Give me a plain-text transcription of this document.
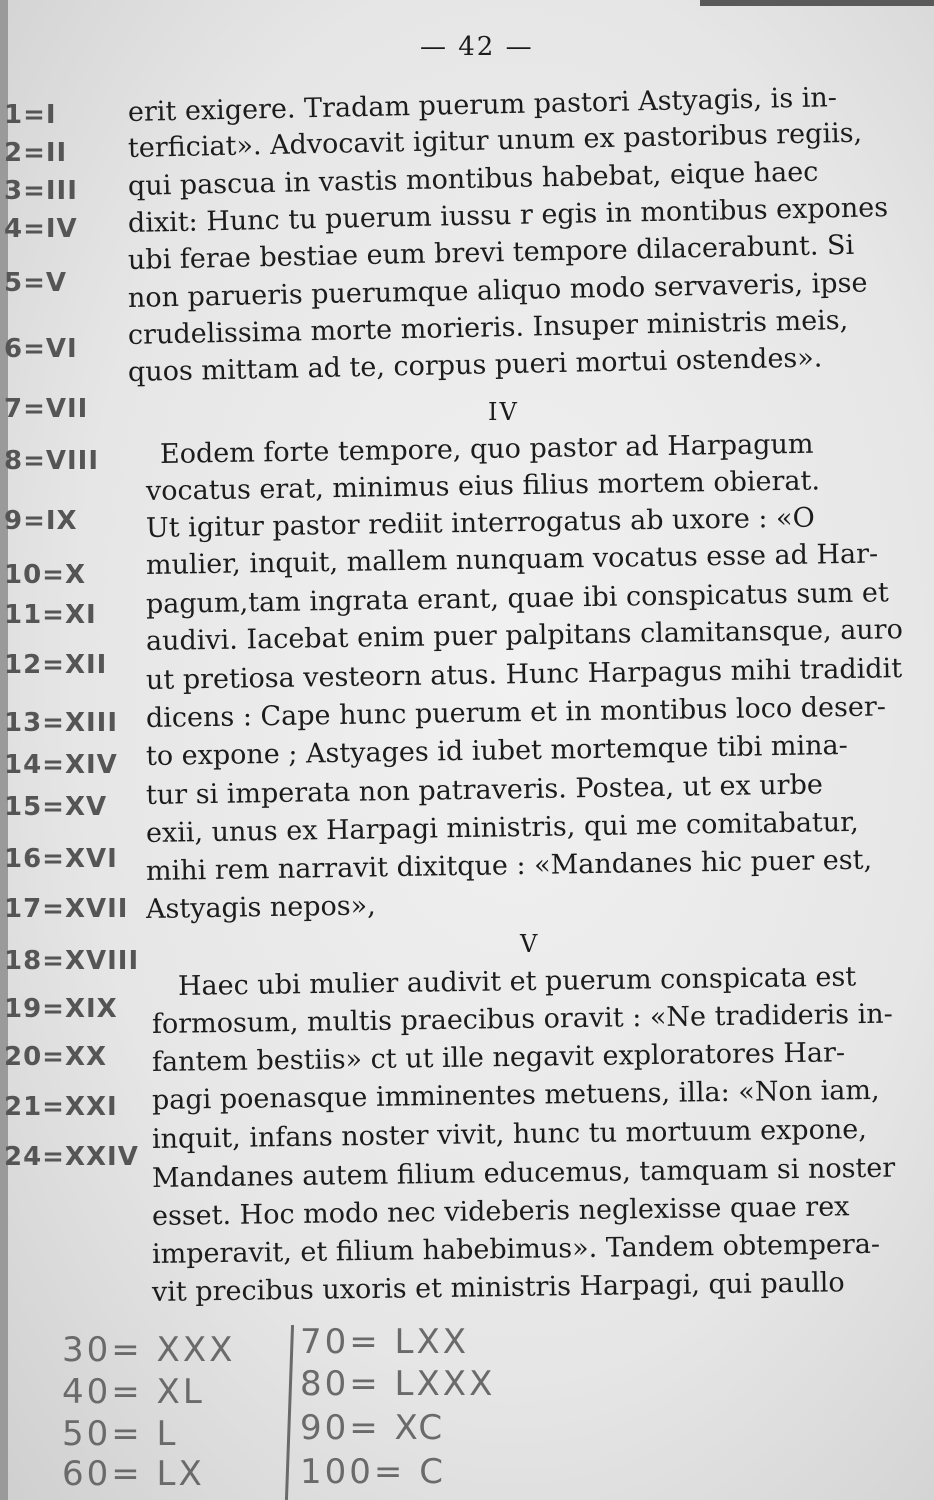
— 42 —
erit exigere. Tradam puerum pastori Astyagis, is in-
terficiat». Advocavit igitur unum ex pastoribus regiis,
qui pascua in vastis montibus habebat, eique haec
dixit: Hunc tu puerum iussu r egis in montibus expones
ubi ferae bestiae eum brevi tempore dilacerabunt. Si
non parueris puerumque aliquo modo servaveris, ipse
crudelissima morte morieris. Insuper ministris meis,
quos mittam ad te, corpus pueri mortui ostendes».
IV
Eodem forte tempore, quo pastor ad Harpagum
vocatus erat, minimus eius filius mortem obierat.
Ut igitur pastor rediit interrogatus ab uxore : «O
mulier, inquit, mallem nunquam vocatus esse ad Har-
pagum,tam ingrata erant, quae ibi conspicatus sum et
audivi. Iacebat enim puer palpitans clamitansque, auro
ut pretiosa vesteorn atus. Hunc Harpagus mihi tradidit
dicens : Cape hunc puerum et in montibus loco deser-
to expone ; Astyages id iubet mortemque tibi mina-
tur si imperata non patraveris. Postea, ut ex urbe
exii, unus ex Harpagi ministris, qui me comitabatur,
mihi rem narravit dixitque : «Mandanes hic puer est,
Astyagis nepos»,
V
Haec ubi mulier audivit et puerum conspicata est
formosum, multis praecibus oravit : «Ne tradideris in-
fantem bestiis» ct ut ille negavit exploratores Har-
pagi poenasque imminentes metuens, illa: «Non iam,
inquit, infans noster vivit, hunc tu mortuum expone,
Mandanes autem filium educemus, tamquam si noster
esset. Hoc modo nec videberis neglexisse quae rex
imperavit, et filium habebimus». Tandem obtempera-
vit precibus uxoris et ministris Harpagi, qui paullo
1=I
2=II
3=III
4=IV
5=V
6=VI
7=VII
8=VIII
9=IX
10=X
11=XI
12=XII
13=XIII
14=XIV
15=XV
16=XVI
17=XVII
18=XVIII
19=XIX
20=XX
21=XXI
24=XXIV
30= XXX
40= XL
50= L
60= LX
70= LXX
80= LXXX
90= XC
100= C
